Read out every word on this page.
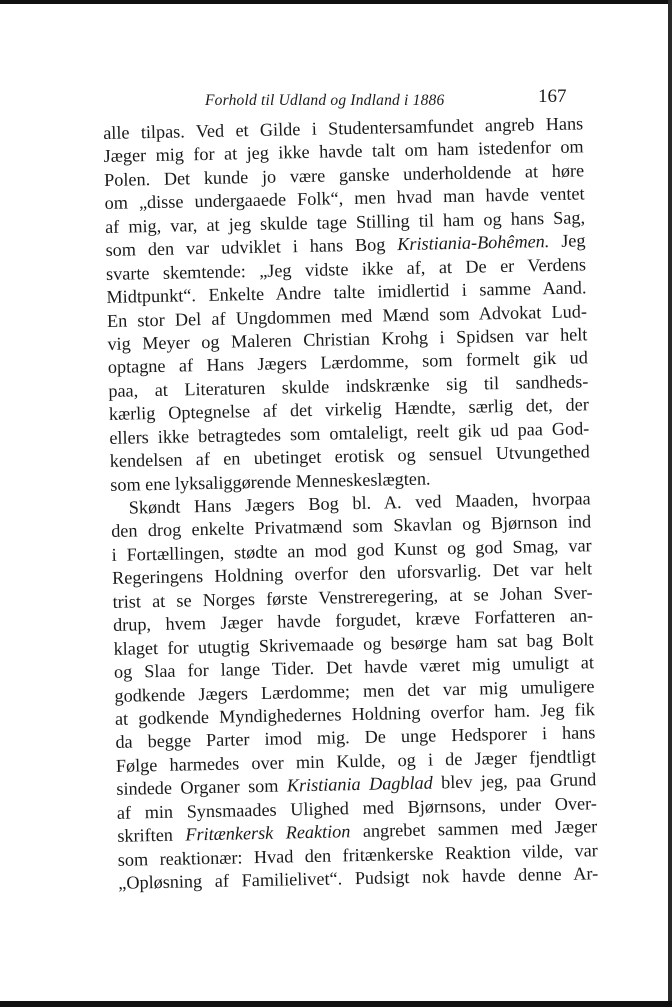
Forhold til Udland og Indland i 1886	167
alle tilpas. Ved et Gilde i Studentersamfundet angreb Hans
Jæger mig for at jeg ikke havde talt om ham istedenfor om
Polen. Det kunde jo være ganske underholdende at høre
om „disse undergaaede Folk“, men hvad man havde ventet
af mig, var, at jeg skulde tage Stilling til ham og hans Sag,
som den var udviklet i hans Bog Kristiania-Bohêmen. Jeg
svarte skemtende: „Jeg vidste ikke af, at De er Verdens
Midtpunkt“. Enkelte Andre talte imidlertid i samme Aand.
En stor Del af Ungdommen med Mænd som Advokat Lud-
vig Meyer og Maleren Christian Krohg i Spidsen var helt
optagne af Hans Jægers Lærdomme, som formelt gik ud
paa, at Literaturen skulde indskrænke sig til sandheds-
kærlig Optegnelse af det virkelig Hændte, særlig det, der
ellers ikke betragtedes som omtaleligt, reelt gik ud paa God-
kendelsen af en ubetinget erotisk og sensuel Utvungethed
som ene lyksaliggørende Menneskeslægten.
Skøndt Hans Jægers Bog bl. A. ved Maaden, hvorpaa
den drog enkelte Privatmænd som Skavlan og Bjørnson ind
i Fortællingen, stødte an mod god Kunst og god Smag, var
Regeringens Holdning overfor den uforsvarlig. Det var helt
trist at se Norges første Venstreregering, at se Johan Sver-
drup, hvem Jæger havde forgudet, kræve Forfatteren an-
klaget for utugtig Skrivemaade og besørge ham sat bag Bolt
og Slaa for lange Tider. Det havde været mig umuligt at
godkende Jægers Lærdomme; men det var mig umuligere
at godkende Myndighedernes Holdning overfor ham. Jeg fik
da begge Parter imod mig. De unge Hedsporer i hans
Følge harmedes over min Kulde, og i de Jæger fjendtligt
sindede Organer som Kristiania Dagblad blev jeg, paa Grund
af min Synsmaades Ulighed med Bjørnsons, under Over-
skriften Fritænkersk Reaktion angrebet sammen med Jæger
som reaktionær: Hvad den fritænkerske Reaktion vilde, var
„Opløsning af Familielivet“. Pudsigt nok havde denne Ar-
